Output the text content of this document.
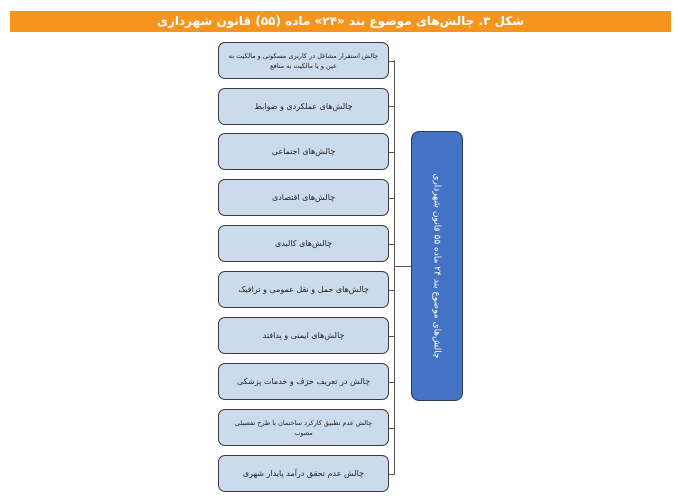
شکل ۳. چالش‌های موضوع بند «۲۴» ماده (۵۵) قانون شهرداری
چالش استقرار مشاغل در کاربری مسکونی و مالکیت به عین و یا مالکیت به منافع
چالش‌های عملکردی و ضوابط
چالش‌های اجتماعی
چالش‌های اقتصادی
چالش‌های کالبدی
چالش‌های حمل و نقل عمومی و ترافیک
چالش‌های ایمنی و پدافند
چالش در تعریف حرَف و خدمات پزشکی
چالش عدم تطبیق کارکرد ساختمان با طرح تفصیلی مصوب
چالش عدم تحقق درآمد پایدار شهری
چالش‌های موضوع بند ۲۴ ماده ۵۵ قانون شهرداری
